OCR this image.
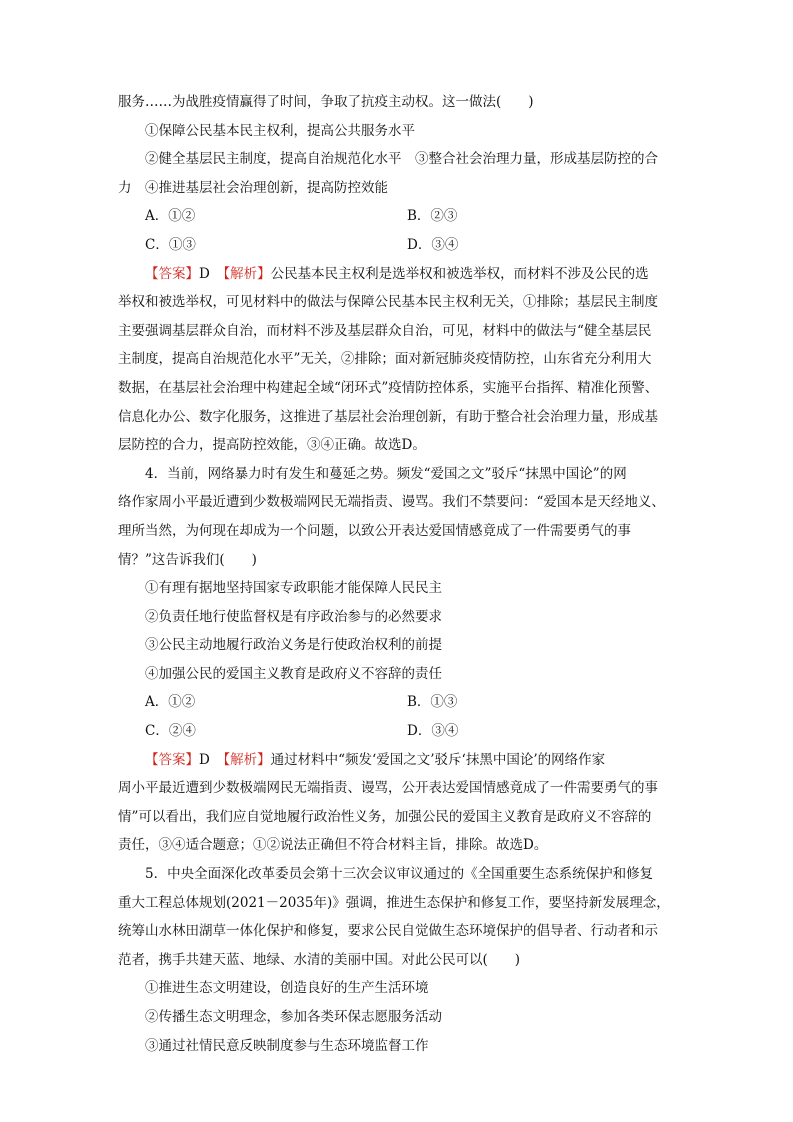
服务……为战胜疫情赢得了时间，争取了抗疫主动权。这一做法(　　)
①保障公民基本民主权利，提高公共服务水平
②健全基层民主制度，提高自治规范化水平　③整合社会治理力量，形成基层防控的合
力　④推进基层社会治理创新，提高防控效能
A．①②	B．②③
C．①③	D．③④
【答案】D　【解析】公民基本民主权利是选举权和被选举权，而材料不涉及公民的选
举权和被选举权，可见材料中的做法与保障公民基本民主权利无关，①排除；基层民主制度
主要强调基层群众自治，而材料不涉及基层群众自治，可见，材料中的做法与“健全基层民
主制度，提高自治规范化水平”无关，②排除；面对新冠肺炎疫情防控，山东省充分利用大
数据，在基层社会治理中构建起全域“闭环式”疫情防控体系，实施平台指挥、精准化预警、
信息化办公、数字化服务，这推进了基层社会治理创新，有助于整合社会治理力量，形成基
层防控的合力，提高防控效能，③④正确。故选D。
4．当前，网络暴力时有发生和蔓延之势。频发“爱国之文”驳斥“抹黑中国论”的网
络作家周小平最近遭到少数极端网民无端指责、谩骂。我们不禁要问：“爱国本是天经地义、
理所当然，为何现在却成为一个问题，以致公开表达爱国情感竟成了一件需要勇气的事
情？”这告诉我们(　　)
①有理有据地坚持国家专政职能才能保障人民民主
②负责任地行使监督权是有序政治参与的必然要求
③公民主动地履行政治义务是行使政治权利的前提
④加强公民的爱国主义教育是政府义不容辞的责任
A．①②	B．①③
C．②④	D．③④
【答案】D　【解析】通过材料中“频发‘爱国之文’驳斥‘抹黑中国论’的网络作家
周小平最近遭到少数极端网民无端指责、谩骂，公开表达爱国情感竟成了一件需要勇气的事
情”可以看出，我们应自觉地履行政治性义务，加强公民的爱国主义教育是政府义不容辞的
责任，③④适合题意；①②说法正确但不符合材料主旨，排除。故选D。
5．中央全面深化改革委员会第十三次会议审议通过的《全国重要生态系统保护和修复
重大工程总体规划(2021－2035年)》强调，推进生态保护和修复工作，要坚持新发展理念，
统筹山水林田湖草一体化保护和修复，要求公民自觉做生态环境保护的倡导者、行动者和示
范者，携手共建天蓝、地绿、水清的美丽中国。对此公民可以(　　)
①推进生态文明建设，创造良好的生产生活环境
②传播生态文明理念，参加各类环保志愿服务活动
③通过社情民意反映制度参与生态环境监督工作
